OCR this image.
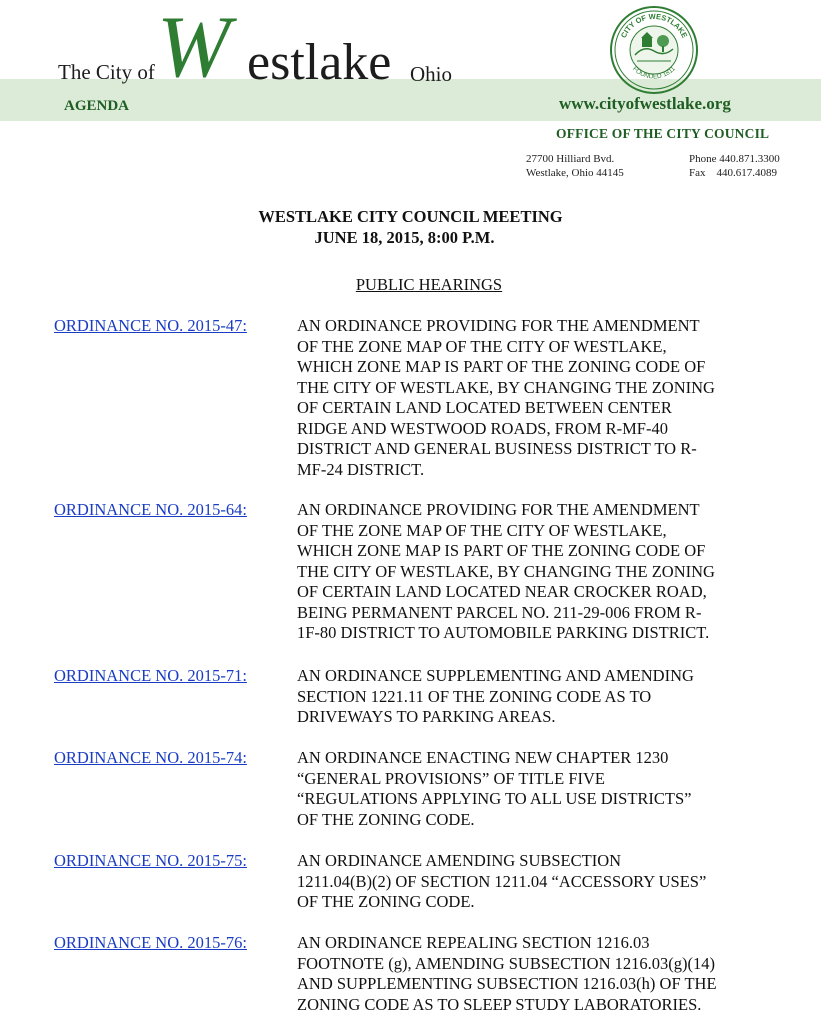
The City of W estlake Ohio
CITY OF WESTLAKE
FOUNDED 1811
AGENDA	www.cityofwestlake.org
OFFICE OF THE CITY COUNCIL
27700 Hilliard Bvd.
Westlake, Ohio 44145
Phone 440.871.3300
Fax    440.617.4089
WESTLAKE CITY COUNCIL MEETING
JUNE 18, 2015, 8:00 P.M.
PUBLIC HEARINGS
ORDINANCE NO. 2015-47:	AN ORDINANCE PROVIDING FOR THE AMENDMENT
OF THE ZONE MAP OF THE CITY OF WESTLAKE,
WHICH ZONE MAP IS PART OF THE ZONING CODE OF
THE CITY OF WESTLAKE, BY CHANGING THE ZONING
OF CERTAIN LAND LOCATED BETWEEN CENTER
RIDGE AND WESTWOOD ROADS, FROM R-MF-40
DISTRICT AND GENERAL BUSINESS DISTRICT TO R-
MF-24 DISTRICT.
ORDINANCE NO. 2015-64:	AN ORDINANCE PROVIDING FOR THE AMENDMENT
OF THE ZONE MAP OF THE CITY OF WESTLAKE,
WHICH ZONE MAP IS PART OF THE ZONING CODE OF
THE CITY OF WESTLAKE, BY CHANGING THE ZONING
OF CERTAIN LAND LOCATED NEAR CROCKER ROAD,
BEING PERMANENT PARCEL NO. 211-29-006 FROM R-
1F-80 DISTRICT TO AUTOMOBILE PARKING DISTRICT.
ORDINANCE NO. 2015-71:	AN ORDINANCE SUPPLEMENTING AND AMENDING
SECTION 1221.11 OF THE ZONING CODE AS TO
DRIVEWAYS TO PARKING AREAS.
ORDINANCE NO. 2015-74:	AN ORDINANCE ENACTING NEW CHAPTER 1230
“GENERAL PROVISIONS” OF TITLE FIVE
“REGULATIONS APPLYING TO ALL USE DISTRICTS”
OF THE ZONING CODE.
ORDINANCE NO. 2015-75:	AN ORDINANCE AMENDING SUBSECTION
1211.04(B)(2) OF SECTION 1211.04 “ACCESSORY USES”
OF THE ZONING CODE.
ORDINANCE NO. 2015-76:	AN ORDINANCE REPEALING SECTION 1216.03
FOOTNOTE (g), AMENDING SUBSECTION 1216.03(g)(14)
AND SUPPLEMENTING SUBSECTION 1216.03(h) OF THE
ZONING CODE AS TO SLEEP STUDY LABORATORIES.
